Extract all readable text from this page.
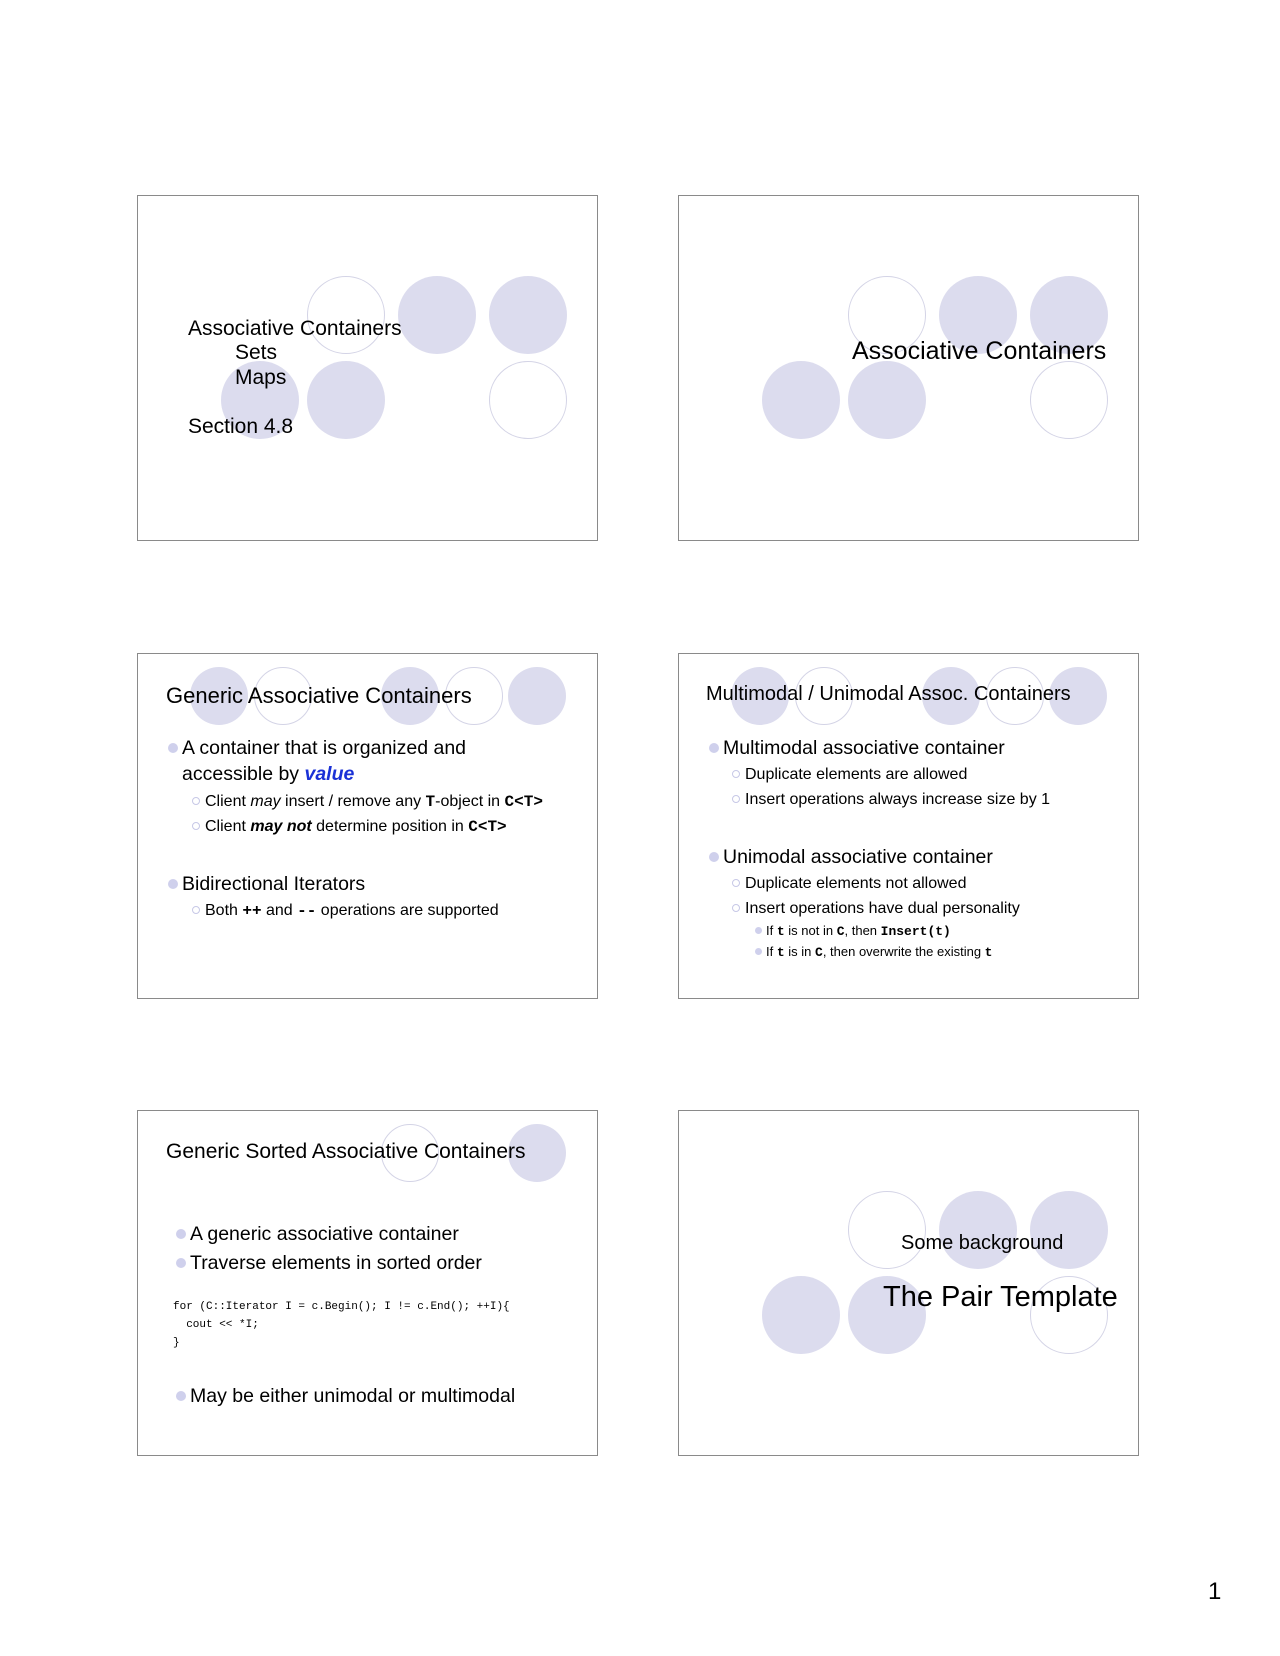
Associative Containers
Sets
Maps
Section 4.8
Associative Containers
Generic Associative Containers
A container that is organized and
accessible by value
Client may insert / remove any T-object in C<T>
Client may not determine position in C<T>
Bidirectional Iterators
Both ++ and -- operations are supported
Multimodal / Unimodal Assoc. Containers
Multimodal associative container
Duplicate elements are allowed
Insert operations always increase size by 1
Unimodal associative container
Duplicate elements not allowed
Insert operations have dual personality
If t is not in C, then Insert(t)
If t is in C, then overwrite the existing t
Generic Sorted Associative Containers
A generic associative container
Traverse elements in sorted order
for (C::Iterator I = c.Begin(); I != c.End(); ++I){
cout << *I;
}
May be either unimodal or multimodal
Some background
The Pair Template
1
